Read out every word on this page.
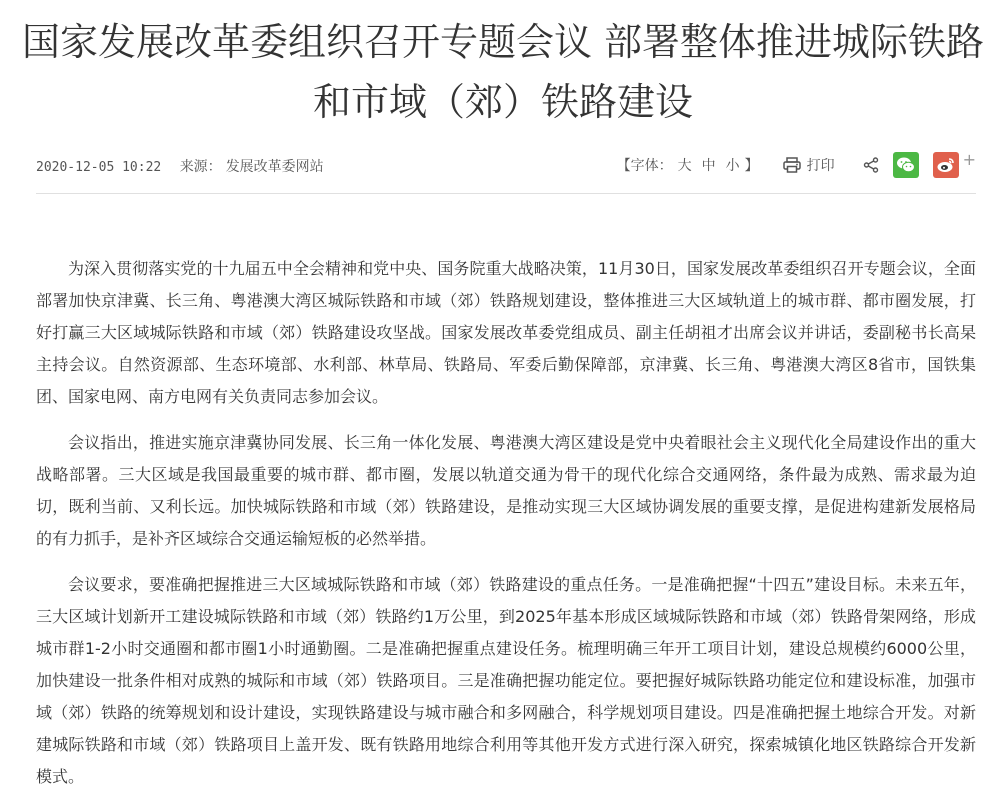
国家发展改革委组织召开专题会议 部署整体推进城际铁路和市域（郊）铁路建设
2020-12-05 10:22 来源： 发展改革委网站	【字体： 大 中 小 】	打印	+

为深入贯彻落实党的十九届五中全会精神和党中央、国务院重大战略决策，11月30日，国家发展改革委组织召开专题会议，全面部署加快京津冀、长三角、粤港澳大湾区城际铁路和市域（郊）铁路规划建设，整体推进三大区域轨道上的城市群、都市圈发展，打好打赢三大区域城际铁路和市域（郊）铁路建设攻坚战。国家发展改革委党组成员、副主任胡祖才出席会议并讲话，委副秘书长高杲主持会议。自然资源部、生态环境部、水利部、林草局、铁路局、军委后勤保障部，京津冀、长三角、粤港澳大湾区8省市，国铁集团、国家电网、南方电网有关负责同志参加会议。

会议指出，推进实施京津冀协同发展、长三角一体化发展、粤港澳大湾区建设是党中央着眼社会主义现代化全局建设作出的重大战略部署。三大区域是我国最重要的城市群、都市圈，发展以轨道交通为骨干的现代化综合交通网络，条件最为成熟、需求最为迫切，既利当前、又利长远。加快城际铁路和市域（郊）铁路建设，是推动实现三大区域协调发展的重要支撑，是促进构建新发展格局的有力抓手，是补齐区域综合交通运输短板的必然举措。

会议要求，要准确把握推进三大区域城际铁路和市域（郊）铁路建设的重点任务。一是准确把握“十四五”建设目标。未来五年，三大区域计划新开工建设城际铁路和市域（郊）铁路约1万公里，到2025年基本形成区域城际铁路和市域（郊）铁路骨架网络，形成城市群1-2小时交通圈和都市圈1小时通勤圈。二是准确把握重点建设任务。梳理明确三年开工项目计划，建设总规模约6000公里，加快建设一批条件相对成熟的城际和市域（郊）铁路项目。三是准确把握功能定位。要把握好城际铁路功能定位和建设标准，加强市域（郊）铁路的统筹规划和设计建设，实现铁路建设与城市融合和多网融合，科学规划项目建设。四是准确把握土地综合开发。对新建城际铁路和市域（郊）铁路项目上盖开发、既有铁路用地综合利用等其他开发方式进行深入研究，探索城镇化地区铁路综合开发新模式。
